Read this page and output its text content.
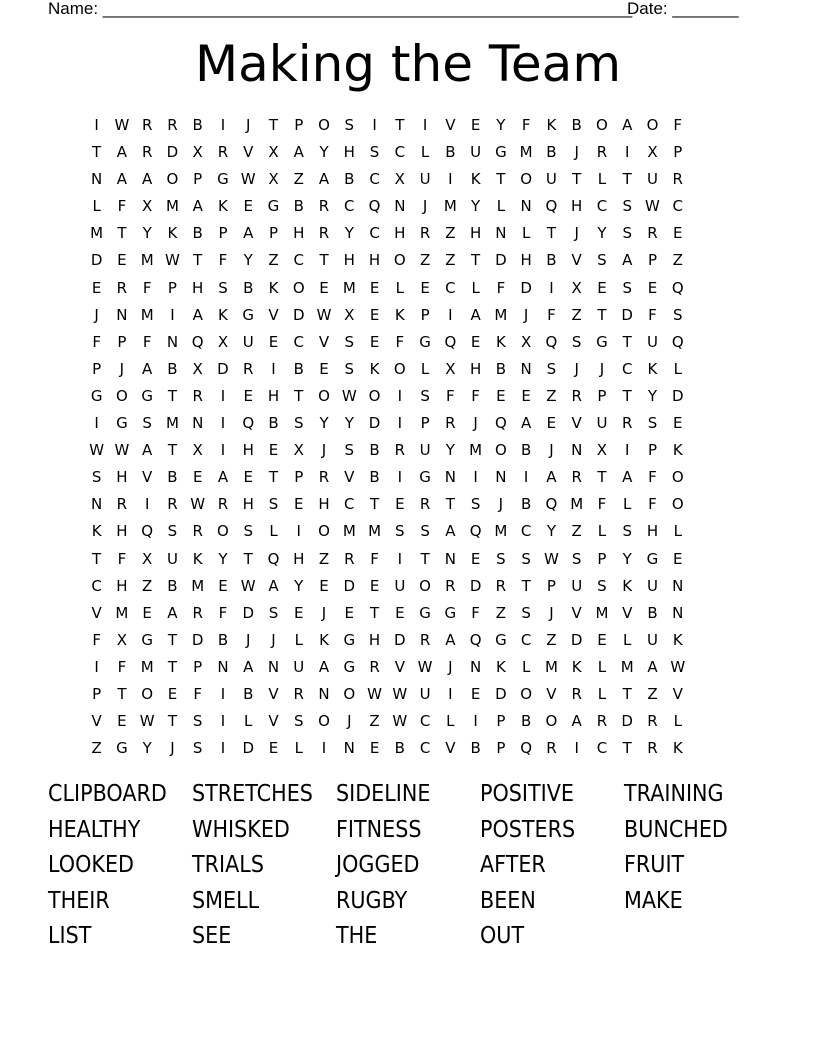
Name: ________________________________________________________
Date: _______
Making the Team
I	W R R B	I	J	T	P O S	I	T	I	V	E	Y	F	K	B O A O	F
T	A R D X R V X	A	Y	H S	C	L	B U G M B	J	R	I	X	P
N A	A O P G W X Z	A B C X U	I	K	T O U	T	L	T	U R
L	F	X M A	K	E G B R C Q N	J	M Y	L	N Q H C	S W C
M T	Y	K	B	P	A	P	H R	Y	C H R Z H N	L	T	J	Y	S	R	E
D E M W T	F	Y	Z C	T	H H O Z Z	T D H B V	S	A	P	Z
E	R	F	P	H S	B	K O E M E	L	E	C	L	F	D	I	X	E	S	E Q
J	N M	I	A	K G V D W X	E	K	P	I	A M	J	F	Z	T D	F	S
F	P	F	N Q X U	E	C V	S	E	F	G Q E	K	X Q S G T	U Q
P	J	A B X D R	I	B	E	S	K O	L	X H B N S	J	J	C	K	L
G O G T	R	I	E H	T O W O	I	S	F	F	E	E	Z R	P	T	Y D
I	G S M N	I	Q B	S	Y	Y D	I	P	R	J	Q A	E	V U R	S	E
W W A	T	X	I	H E	X	J	S	B R U	Y M O B	J	N X	I	P	K
S H V B	E	A	E	T	P	R V B	I	G N	I	N	I	A R	T	A	F	O
N R	I	R W R H S	E H C	T	E	R	T	S	J	B Q M F	L	F	O
K H Q S	R O S	L	I	O M M S	S	A Q M C	Y	Z	L	S H	L
T	F	X U K	Y	T Q H Z R	F	I	T	N E	S	S W S	P	Y G E
C H Z B M E W A	Y	E D E	U O R D R	T	P	U	S	K U N
V M E	A R	F	D S	E	J	E	T	E G G	F	Z	S	J	V M V B N
F	X G T D B	J	J	L	K G H D R A Q G C Z D E	L	U K
I	F M T	P	N A N U A G R V W	J	N K	L M K	L M A W
P	T O E	F	I	B V R N O W W U	I	E D O V R	L	T	Z	V
V	E W T	S	I	L	V	S O	J	Z W C	L	I	P	B O A R D R	L
Z G Y	J	S	I	D E	L	I	N E	B C V B	P Q R	I	C	T	R	K
CLIPBOARD	STRETCHES	SIDELINE	POSITIVE	TRAINING
HEALTHY	WHISKED	FITNESS	POSTERS	BUNCHED
LOOKED	TRIALS	JOGGED	AFTER	FRUIT
THEIR	SMELL	RUGBY	BEEN	MAKE
LIST	SEE	THE	OUT
